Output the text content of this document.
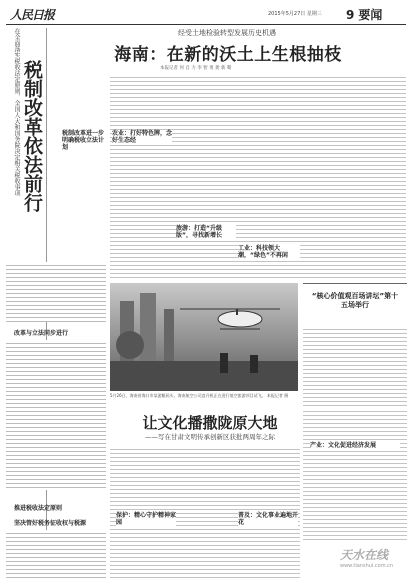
人民日报	2015年5月27日 星期三 9 要闻
在全面落实税收法定原则、全国人大和国务院决定相关税收事项 税制改革依法前行	税制改革进一步明确税收立法计划
改革与立法同步进行
推进税收法定原则
坚决管好税务征收权与税源
经受土地检验转型发展历史机遇
海南：在新的沃土上生根抽枝
本报记者 何 自 力 李 智 勇 龚 新 蜀
农业：打好特色牌，念好生态经
旅游：打造“升级版”，寻找新增长
工业：科技领大潮，“绿色”不再闲
5月26日，海南省海口市某游艇码头，海南航空公司直升机正在进行低空旅游项目试飞。 本报记者 摄
“核心价值观百场讲坛”第十五场举行
让文化播撒陇原大地
——写在甘肃文明传承创新区获批两周年之际
保护：精心守护精神家园
普及：文化事业遍地开花
产业：文化促进经济发展
天水在线
www.tianshui.com.cn
